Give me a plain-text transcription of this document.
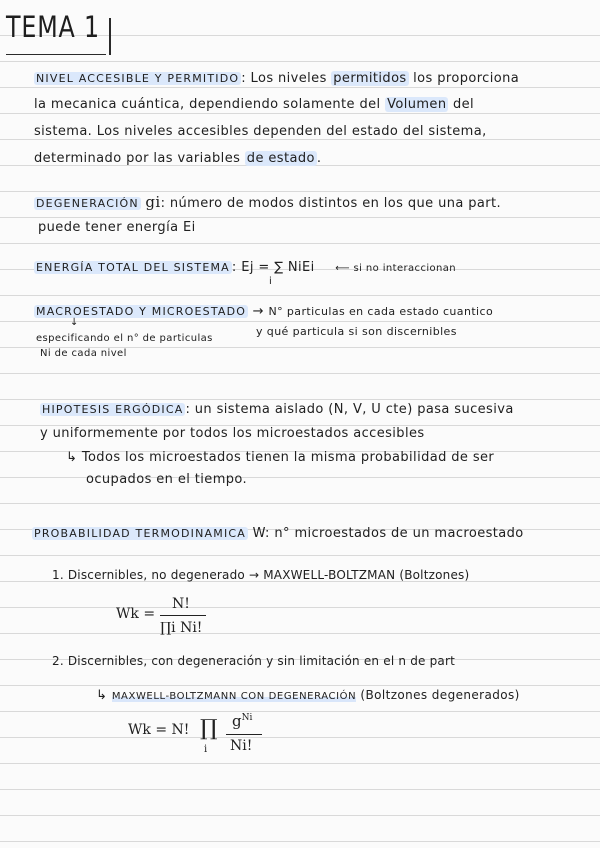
TEMA 1
NIVEL ACCESIBLE Y PERMITIDO : Los niveles permitidos los proporciona
la mecanica cuántica, dependiendo solamente del Volumen del
sistema. Los niveles accesibles dependen del estado del sistema,
determinado por las variables de estado .
DEGENERACIÓN gi: número de modos distintos en los que una part.
puede tener energía Ei
ENERGÍA TOTAL DEL SISTEMA : Ej = ∑ NiEi ⟵ si no interaccionan
i
MACROESTADO Y MICROESTADO → N° particulas en cada estado cuantico
↓
especificando el n° de particulas
y qué particula si son discernibles
Ni de cada nivel
HIPOTESIS ERGÓDICA : un sistema aislado (N, V, U cte) pasa sucesiva
y uniformemente por todos los microestados accesibles
↳ Todos los microestados tienen la misma probabilidad de ser
ocupados en el tiempo.
PROBABILIDAD TERMODINAMICA W: n° microestados de un macroestado
1. Discernibles, no degenerado → MAXWELL-BOLTZMAN (Boltzones)
Wk =
N!
∏i Ni!
2. Discernibles, con degeneración y sin limitación en el n de part
↳ MAXWELL-BOLTZMANN CON DEGENERACIÓN (Boltzones degenerados)
Wk = N! ∏
i
$g^{Ni}$
Ni!
